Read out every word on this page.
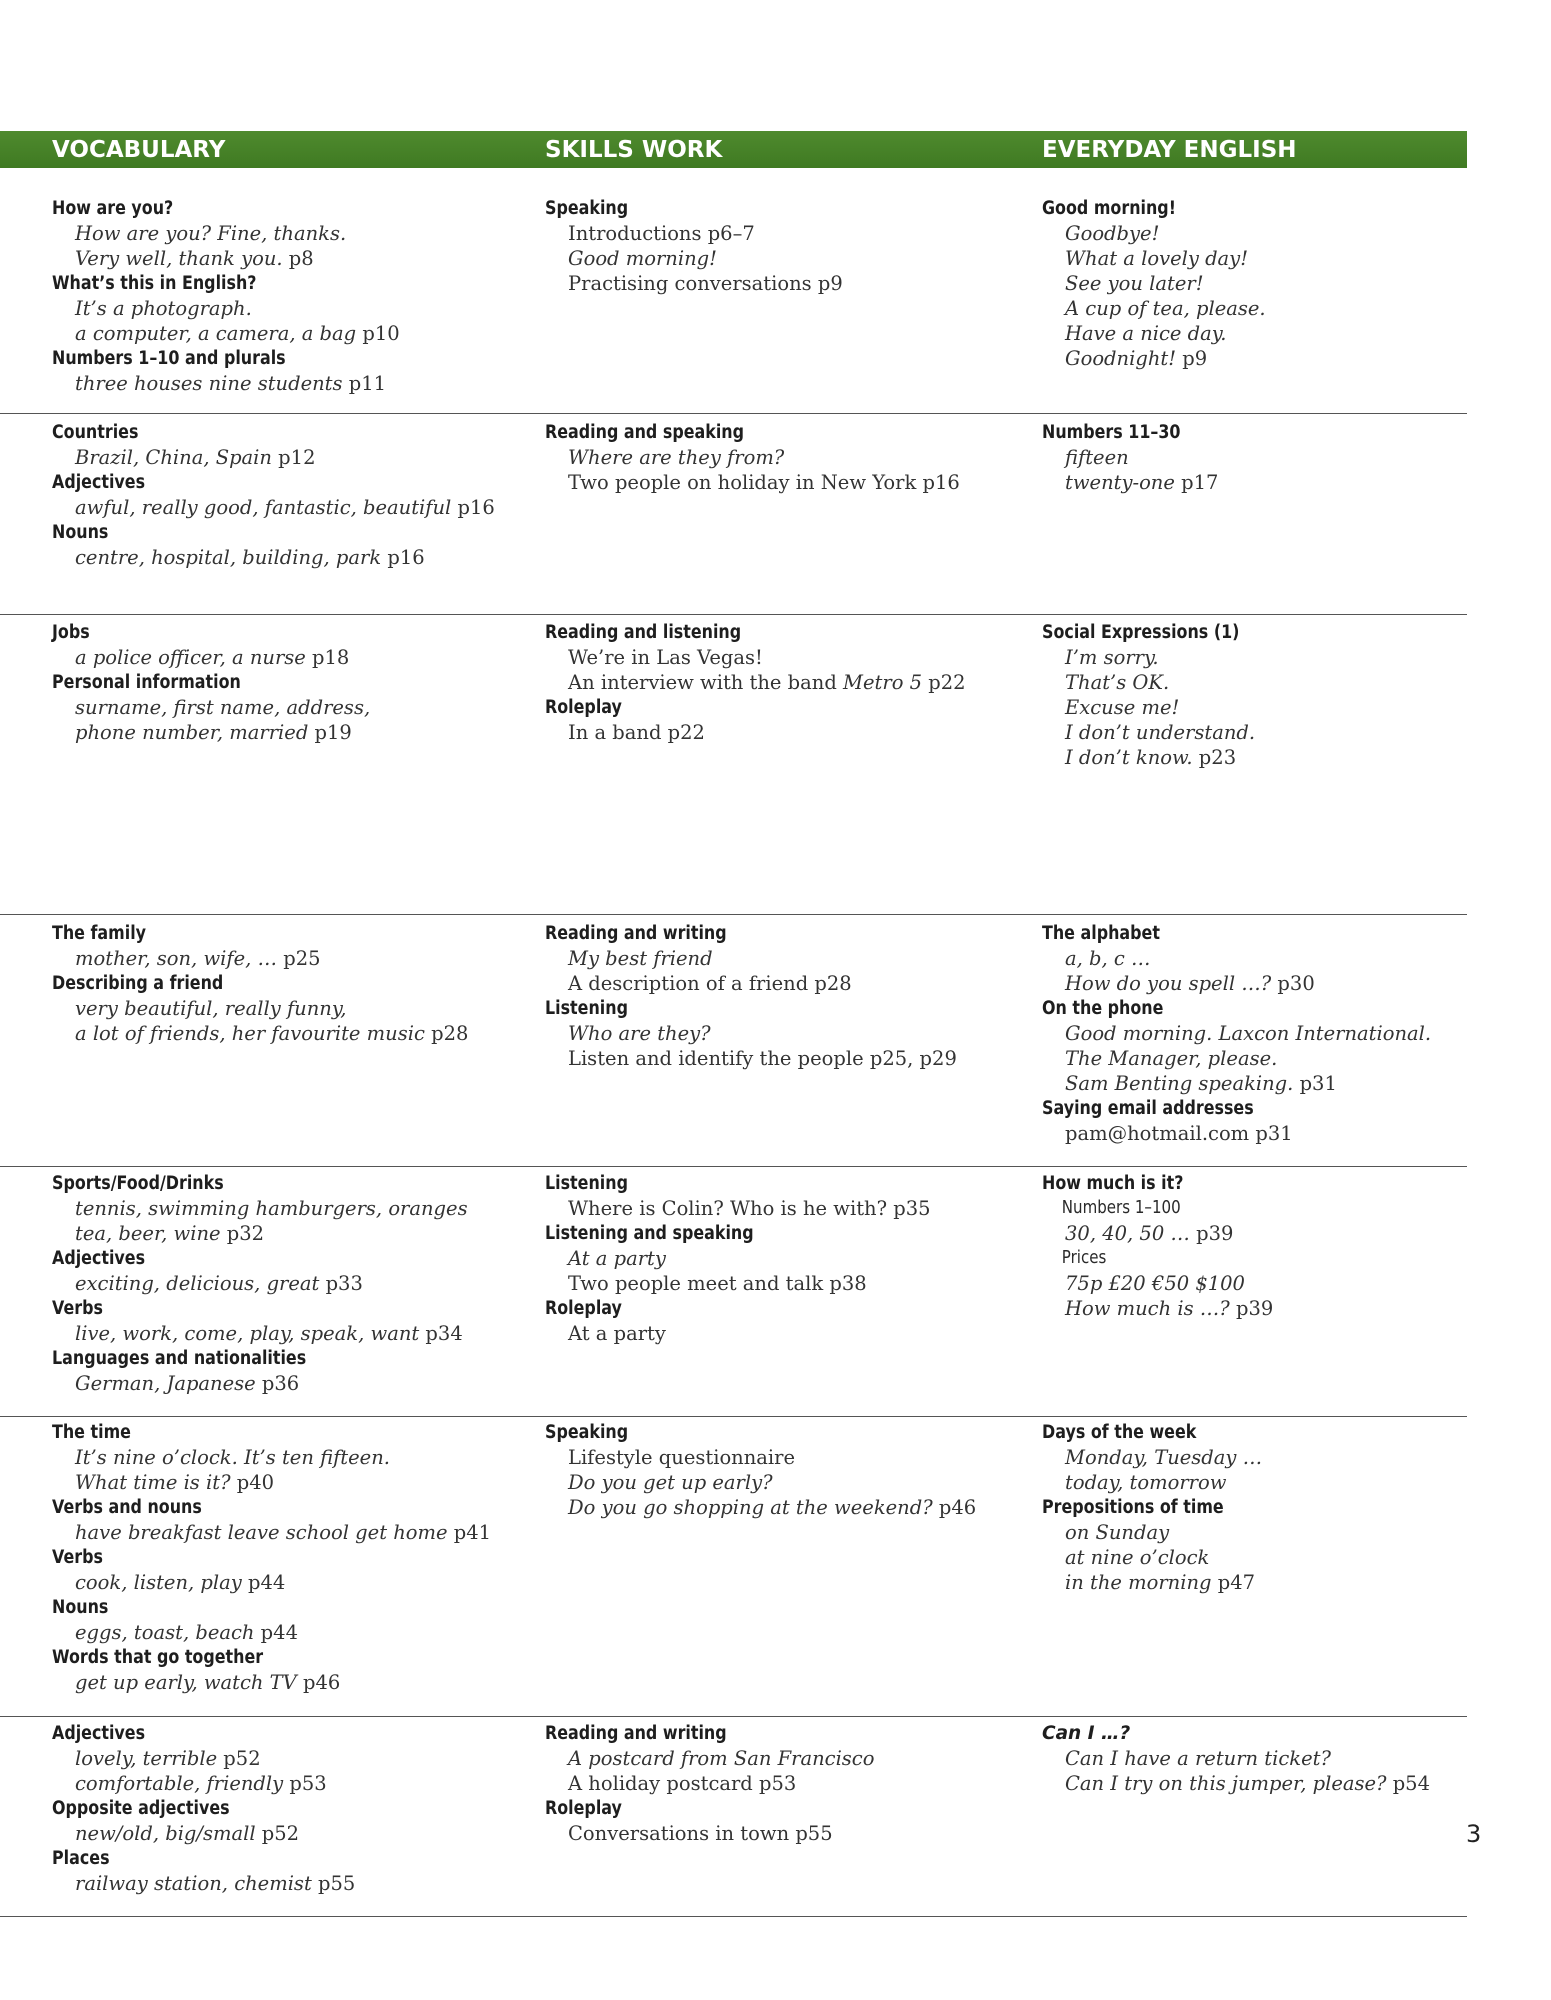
VOCABULARY	SKILLS WORK	EVERYDAY ENGLISH
How are you?
How are you? Fine, thanks.
Very well, thank you. p8
What’s this in English?
It’s a photograph.
a computer, a camera, a bag p10
Numbers 1–10 and plurals
three houses nine students p11
Speaking
Introductions p6–7
Good morning!
Practising conversations p9
Good morning!
Goodbye!
What a lovely day!
See you later!
A cup of tea, please.
Have a nice day.
Goodnight! p9
Countries
Brazil, China, Spain p12
Adjectives
awful, really good, fantastic, beautiful p16
Nouns
centre, hospital, building, park p16
Reading and speaking
Where are they from?
Two people on holiday in New York p16
Numbers 11–30
fifteen
twenty-one p17
Jobs
a police officer, a nurse p18
Personal information
surname, first name, address,
phone number, married p19
Reading and listening
We’re in Las Vegas!
An interview with the band Metro 5 p22
Roleplay
In a band p22
Social Expressions (1)
I’m sorry.
That’s OK.
Excuse me!
I don’t understand.
I don’t know. p23
The family
mother, son, wife, … p25
Describing a friend
very beautiful, really funny,
a lot of friends, her favourite music p28
Reading and writing
My best friend
A description of a friend p28
Listening
Who are they?
Listen and identify the people p25, p29
The alphabet
a, b, c …
How do you spell …? p30
On the phone
Good morning. Laxcon International.
The Manager, please.
Sam Benting speaking. p31
Saying email addresses
pam@hotmail.com p31
Sports/Food/Drinks
tennis, swimming hamburgers, oranges
tea, beer, wine p32
Adjectives
exciting, delicious, great p33
Verbs
live, work, come, play, speak, want p34
Languages and nationalities
German, Japanese p36
Listening
Where is Colin? Who is he with? p35
Listening and speaking
At a party
Two people meet and talk p38
Roleplay
At a party
How much is it?
Numbers 1–100
30, 40, 50 … p39
Prices
75p £20 €50 $100
How much is …? p39
The time
It’s nine o’clock. It’s ten fifteen.
What time is it? p40
Verbs and nouns
have breakfast leave school get home p41
Verbs
cook, listen, play p44
Nouns
eggs, toast, beach p44
Words that go together
get up early, watch TV p46
Speaking
Lifestyle questionnaire
Do you get up early?
Do you go shopping at the weekend? p46
Days of the week
Monday, Tuesday …
today, tomorrow
Prepositions of time
on Sunday
at nine o’clock
in the morning p47
Adjectives
lovely, terrible p52
comfortable, friendly p53
Opposite adjectives
new/old, big/small p52
Places
railway station, chemist p55
Reading and writing
A postcard from San Francisco
A holiday postcard p53
Roleplay
Conversations in town p55
Can I …?
Can I have a return ticket?
Can I try on this jumper, please? p54
3
